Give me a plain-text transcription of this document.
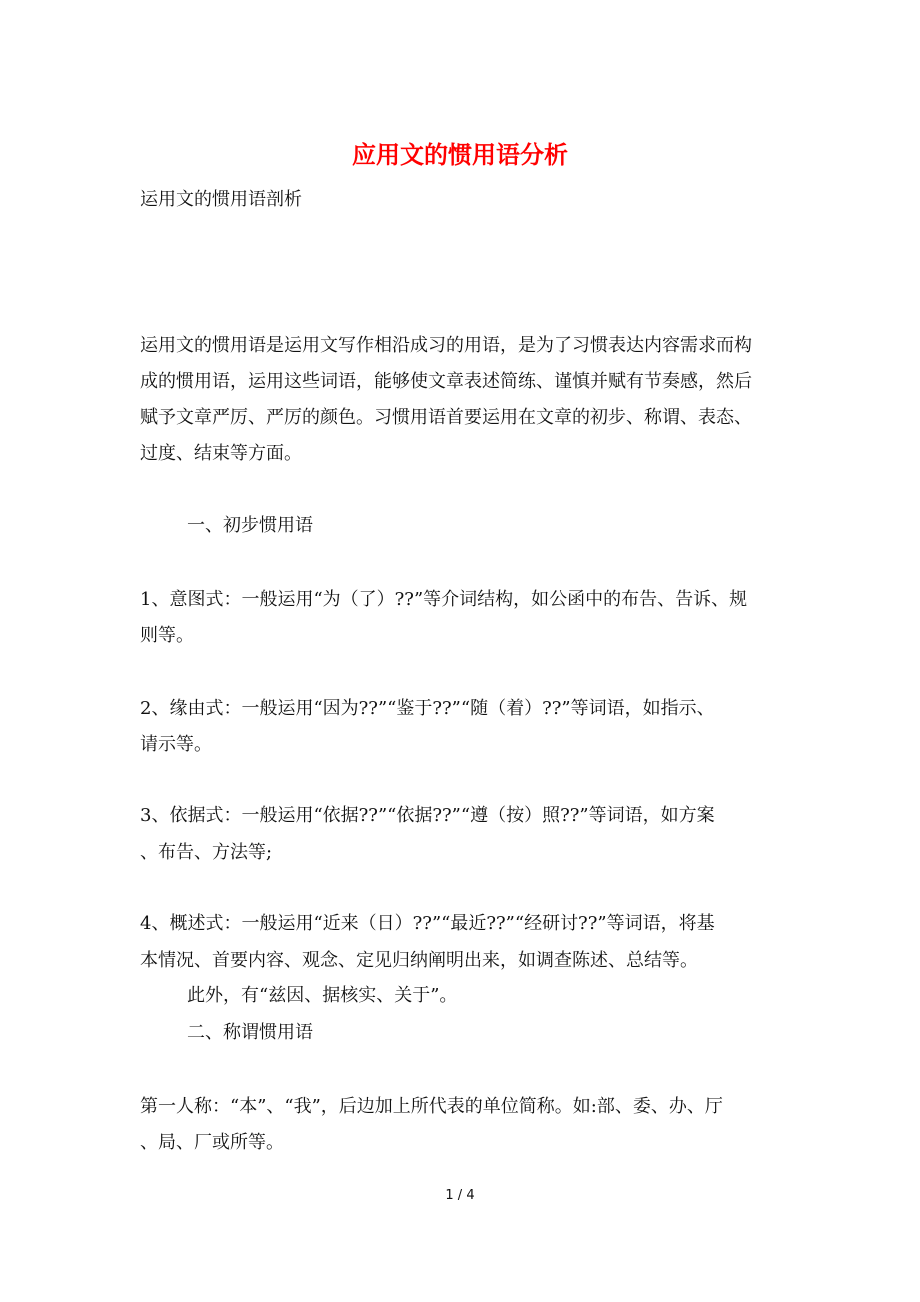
应用文的惯用语分析
运用文的惯用语剖析
运用文的惯用语是运用文写作相沿成习的用语，是为了习惯表达内容需求而构
成的惯用语，运用这些词语，能够使文章表述简练、谨慎并赋有节奏感，然后
赋予文章严厉、严厉的颜色。习惯用语首要运用在文章的初步、称谓、表态、
过度、结束等方面。
一、初步惯用语
1、意图式：一般运用“为（了）??”等介词结构，如公函中的布告、告诉、规
则等。
2、缘由式：一般运用“因为??”“鉴于??”“随（着）??”等词语，如指示、
请示等。
3、依据式：一般运用“依据??”“依据??”“遵（按）照??”等词语，如方案
、布告、方法等;
4、概述式：一般运用“近来（日）??”“最近??”“经研讨??”等词语，将基
本情况、首要内容、观念、定见归纳阐明出来，如调查陈述、总结等。
此外，有“兹因、据核实、关于”。
二、称谓惯用语
第一人称：“本”、“我”，后边加上所代表的单位简称。如:部、委、办、厅
、局、厂或所等。
1 / 4
